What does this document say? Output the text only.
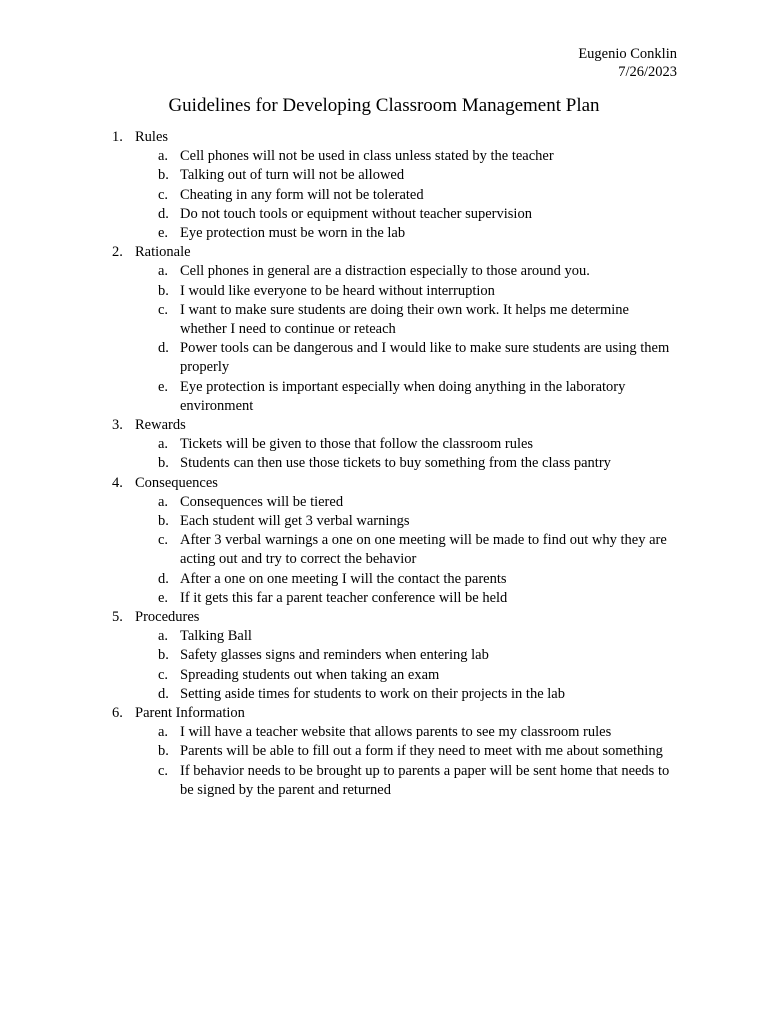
Eugenio Conklin
7/26/2023
Guidelines for Developing Classroom Management Plan
1. Rules
a. Cell phones will not be used in class unless stated by the teacher
b. Talking out of turn will not be allowed
c. Cheating in any form will not be tolerated
d. Do not touch tools or equipment without teacher supervision
e. Eye protection must be worn in the lab
2. Rationale
a. Cell phones in general are a distraction especially to those around you.
b. I would like everyone to be heard without interruption
c. I want to make sure students are doing their own work. It helps me determine whether I need to continue or reteach
d. Power tools can be dangerous and I would like to make sure students are using them properly
e. Eye protection is important especially when doing anything in the laboratory environment
3. Rewards
a. Tickets will be given to those that follow the classroom rules
b. Students can then use those tickets to buy something from the class pantry
4. Consequences
a. Consequences will be tiered
b. Each student will get 3 verbal warnings
c. After 3 verbal warnings a one on one meeting will be made to find out why they are acting out and try to correct the behavior
d. After a one on one meeting I will the contact the parents
e. If it gets this far a parent teacher conference will be held
5. Procedures
a. Talking Ball
b. Safety glasses signs and reminders when entering lab
c. Spreading students out when taking an exam
d. Setting aside times for students to work on their projects in the lab
6. Parent Information
a. I will have a teacher website that allows parents to see my classroom rules
b. Parents will be able to fill out a form if they need to meet with me about something
c. If behavior needs to be brought up to parents a paper will be sent home that needs to be signed by the parent and returned
